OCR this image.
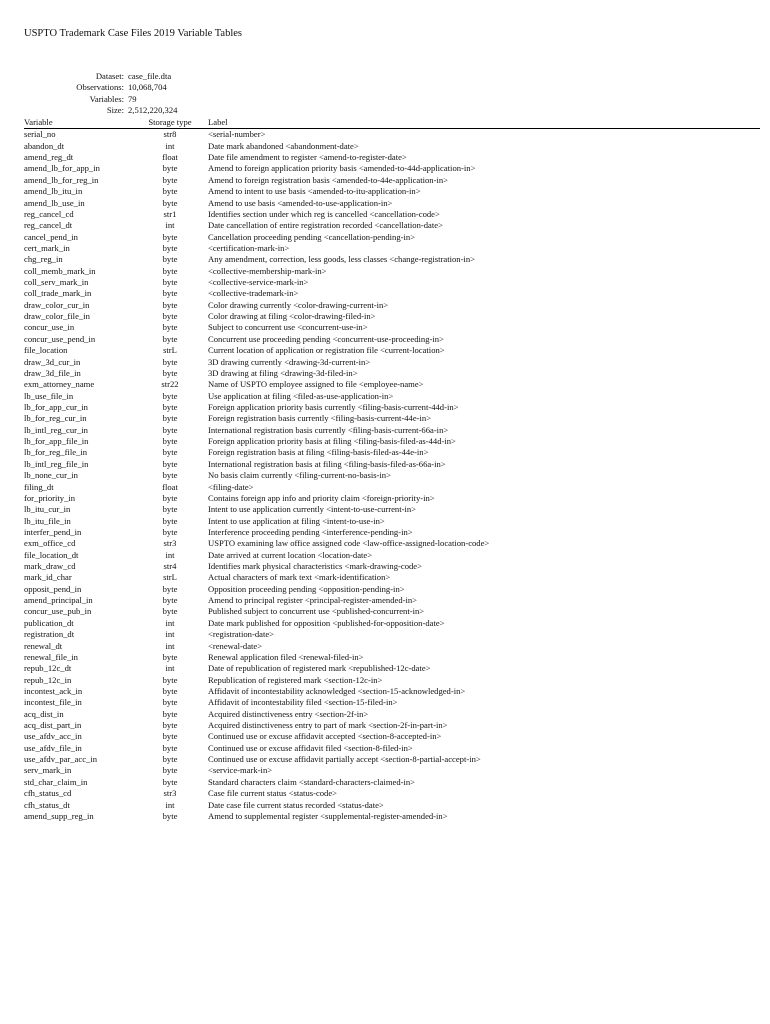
USPTO Trademark Case Files 2019 Variable Tables
Dataset: case_file.dta
Observations: 10,068,704
Variables: 79
Size: 2,512,220,324
Variable	Storage type	Label
serial_no	str8	<serial-number>
abandon_dt	int	Date mark abandoned <abandonment-date>
amend_reg_dt	float	Date file amendment to register <amend-to-register-date>
amend_lb_for_app_in	byte	Amend to foreign application priority basis <amended-to-44d-application-in>
amend_lb_for_reg_in	byte	Amend to foreign registration basis <amended-to-44e-application-in>
amend_lb_itu_in	byte	Amend to intent to use basis <amended-to-itu-application-in>
amend_lb_use_in	byte	Amend to use basis <amended-to-use-application-in>
reg_cancel_cd	str1	Identifies section under which reg is cancelled <cancellation-code>
reg_cancel_dt	int	Date cancellation of entire registration recorded <cancellation-date>
cancel_pend_in	byte	Cancellation proceeding pending <cancellation-pending-in>
cert_mark_in	byte	<certification-mark-in>
chg_reg_in	byte	Any amendment, correction, less goods, less classes <change-registration-in>
coll_memb_mark_in	byte	<collective-membership-mark-in>
coll_serv_mark_in	byte	<collective-service-mark-in>
coll_trade_mark_in	byte	<collective-trademark-in>
draw_color_cur_in	byte	Color drawing currently <color-drawing-current-in>
draw_color_file_in	byte	Color drawing at filing <color-drawing-filed-in>
concur_use_in	byte	Subject to concurrent use <concurrent-use-in>
concur_use_pend_in	byte	Concurrent use proceeding pending <concurrent-use-proceeding-in>
file_location	strL	Current location of application or registration file <current-location>
draw_3d_cur_in	byte	3D drawing currently <drawing-3d-current-in>
draw_3d_file_in	byte	3D drawing at filing <drawing-3d-filed-in>
exm_attorney_name	str22	Name of USPTO employee assigned to file <employee-name>
lb_use_file_in	byte	Use application at filing <filed-as-use-application-in>
lb_for_app_cur_in	byte	Foreign application priority basis currently <filing-basis-current-44d-in>
lb_for_reg_cur_in	byte	Foreign registration basis currently <filing-basis-current-44e-in>
lb_intl_reg_cur_in	byte	International registration basis currently <filing-basis-current-66a-in>
lb_for_app_file_in	byte	Foreign application priority basis at filing <filing-basis-filed-as-44d-in>
lb_for_reg_file_in	byte	Foreign registration basis at filing <filing-basis-filed-as-44e-in>
lb_intl_reg_file_in	byte	International registration basis at filing <filing-basis-filed-as-66a-in>
lb_none_cur_in	byte	No basis claim currently <filing-current-no-basis-in>
filing_dt	float	<filing-date>
for_priority_in	byte	Contains foreign app info and priority claim <foreign-priority-in>
lb_itu_cur_in	byte	Intent to use application currently <intent-to-use-current-in>
lb_itu_file_in	byte	Intent to use application at filing <intent-to-use-in>
interfer_pend_in	byte	Interference proceeding pending <interference-pending-in>
exm_office_cd	str3	USPTO examining law office assigned code <law-office-assigned-location-code>
file_location_dt	int	Date arrived at current location <location-date>
mark_draw_cd	str4	Identifies mark physical characteristics <mark-drawing-code>
mark_id_char	strL	Actual characters of mark text <mark-identification>
opposit_pend_in	byte	Opposition proceeding pending <opposition-pending-in>
amend_principal_in	byte	Amend to principal register <principal-register-amended-in>
concur_use_pub_in	byte	Published subject to concurrent use <published-concurrent-in>
publication_dt	int	Date mark published for opposition <published-for-opposition-date>
registration_dt	int	<registration-date>
renewal_dt	int	<renewal-date>
renewal_file_in	byte	Renewal application filed <renewal-filed-in>
repub_12c_dt	int	Date of republication of registered mark <republished-12c-date>
repub_12c_in	byte	Republication of registered mark <section-12c-in>
incontest_ack_in	byte	Affidavit of incontestability acknowledged <section-15-acknowledged-in>
incontest_file_in	byte	Affidavit of incontestability filed <section-15-filed-in>
acq_dist_in	byte	Acquired distinctiveness entry <section-2f-in>
acq_dist_part_in	byte	Acquired distinctiveness entry to part of mark <section-2f-in-part-in>
use_afdv_acc_in	byte	Continued use or excuse affidavit accepted <section-8-accepted-in>
use_afdv_file_in	byte	Continued use or excuse affidavit filed <section-8-filed-in>
use_afdv_par_acc_in	byte	Continued use or excuse affidavit partially accept <section-8-partial-accept-in>
serv_mark_in	byte	<service-mark-in>
std_char_claim_in	byte	Standard characters claim <standard-characters-claimed-in>
cfh_status_cd	str3	Case file current status <status-code>
cfh_status_dt	int	Date case file current status recorded <status-date>
amend_supp_reg_in	byte	Amend to supplemental register <supplemental-register-amended-in>
